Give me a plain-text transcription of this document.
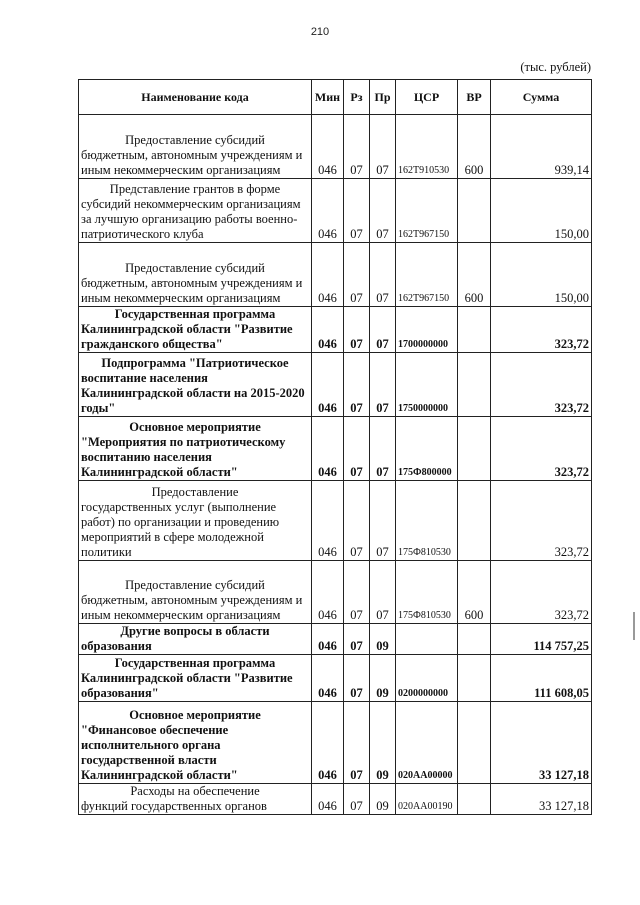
210
(тыс. рублей)
Наименование кода	Мин	Рз	Пр	ЦСР	ВР	Сумма

Предоставление субсидий
бюджетным, автономным учреждениям и иным некоммерческим организациям	046	07	07	162Т910530	600	939,14

Представление грантов в форме
субсидий некоммерческим организациям за лучшую организацию работы военно-патриотического клуба	046	07	07	162Т967150		150,00

Предоставление субсидий
бюджетным, автономным учреждениям и иным некоммерческим организациям	046	07	07	162Т967150	600	150,00

Государственная программа
Калининградской области "Развитие гражданского общества"	046	07	07	1700000000		323,72

Подпрограмма "Патриотическое
воспитание населения Калининградской области на 2015-2020 годы"	046	07	07	1750000000		323,72

Основное мероприятие
"Мероприятия по патриотическому воспитанию населения Калининградской области"	046	07	07	175Ф800000		323,72

Предоставление
государственных услуг (выполнение работ) по организации и проведению мероприятий в сфере молодежной политики	046	07	07	175Ф810530		323,72

Предоставление субсидий
бюджетным, автономным учреждениям и иным некоммерческим организациям	046	07	07	175Ф810530	600	323,72

Другие вопросы в области
образования	046	07	09			114 757,25

Государственная программа
Калининградской области "Развитие образования"	046	07	09	0200000000		111 608,05

Основное мероприятие
"Финансовое обеспечение исполнительного органа государственной власти Калининградской области"	046	07	09	020АА00000		33 127,18

Расходы на обеспечение
функций государственных органов	046	07	09	020АА00190		33 127,18
